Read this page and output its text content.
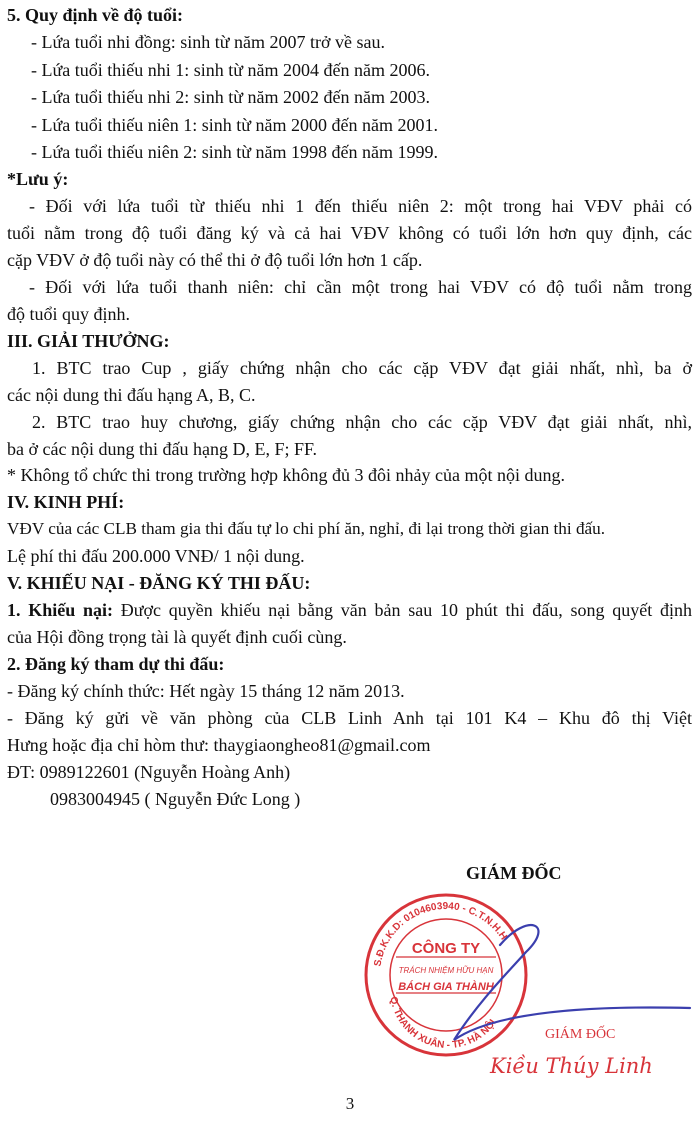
5. Quy định về độ tuổi:
- Lứa tuổi nhi đồng: sinh từ năm 2007 trở về sau.
- Lứa tuổi thiếu nhi 1: sinh từ năm 2004 đến năm 2006.
- Lứa tuổi thiếu nhi 2: sinh từ năm 2002 đến năm 2003.
- Lứa tuổi thiếu niên 1: sinh từ năm 2000 đến năm 2001.
- Lứa tuổi thiếu niên 2: sinh từ năm 1998 đến năm 1999.
*Lưu ý:
- Đối với lứa tuổi từ thiếu nhi 1 đến thiếu niên 2: một trong hai VĐV phải có
tuổi nằm trong độ tuổi đăng ký và cả hai VĐV không có tuổi lớn hơn quy định, các
cặp VĐV ở độ tuổi này có thể thi ở độ tuổi lớn hơn 1 cấp.
- Đối với lứa tuổi thanh niên: chỉ cần một trong hai VĐV có độ tuổi nằm trong
độ tuổi quy định.
III. GIẢI THƯỞNG:
1. BTC trao Cup , giấy chứng nhận cho các cặp VĐV đạt giải nhất, nhì, ba ở
các nội dung thi đấu hạng A, B, C.
2. BTC trao huy chương, giấy chứng nhận cho các cặp VĐV đạt giải nhất, nhì,
ba ở các nội dung thi đấu hạng D, E, F; FF.
* Không tổ chức thi trong trường hợp không đủ 3 đôi nhảy của một nội dung.
IV. KINH PHÍ:
VĐV của các CLB tham gia thi đấu tự lo chi phí ăn, nghỉ, đi lại trong thời gian thi đấu.
Lệ phí thi đấu 200.000 VNĐ/ 1 nội dung.
V. KHIẾU NẠI - ĐĂNG KÝ THI ĐẤU:
1. Khiếu nại: Được quyền khiếu nại bằng văn bản sau 10 phút thi đấu, song quyết định
của Hội đồng trọng tài là quyết định cuối cùng.
2. Đăng ký tham dự thi đấu:
- Đăng ký chính thức: Hết ngày 15 tháng 12 năm 2013.
- Đăng ký gửi về văn phòng của CLB Linh Anh tại 101 K4 – Khu đô thị Việt
Hưng hoặc địa chỉ hòm thư: thaygiaongheo81@gmail.com
ĐT: 0989122601 (Nguyễn Hoàng Anh)
0983004945 ( Nguyễn Đức Long )
GIÁM ĐỐC
S.Đ.K.K.D: 0104603940 - C.T.N.H.H
Q. THANH XUÂN - TP. HÀ NỘI
CÔNG TY
TRÁCH NHIỆM HỮU HẠN
BÁCH GIA THÀNH
GIÁM ĐỐC
Kiều Thúy Linh
3
